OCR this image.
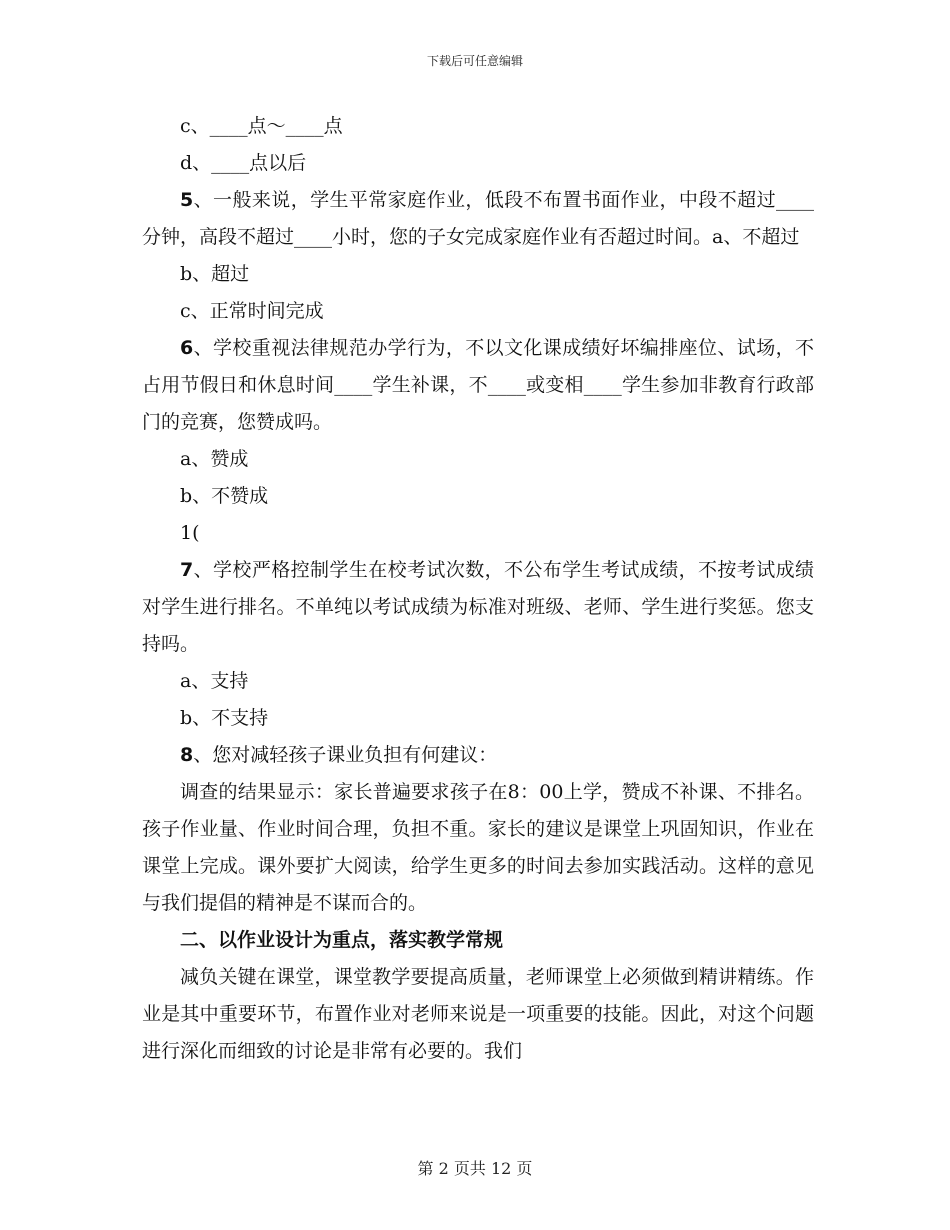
下载后可任意编辑

c、____点～____点

d、____点以后

5、一般来说，学生平常家庭作业，低段不布置书面作业，中段不超过____分钟，高段不超过____小时，您的子女完成家庭作业有否超过时间。a、不超过

b、超过

c、正常时间完成

6、学校重视法律规范办学行为，不以文化课成绩好坏编排座位、试场，不占用节假日和休息时间____学生补课，不____或变相____学生参加非教育行政部门的竞赛，您赞成吗。

a、赞成

b、不赞成

1(

7、学校严格控制学生在校考试次数，不公布学生考试成绩，不按考试成绩对学生进行排名。不单纯以考试成绩为标准对班级、老师、学生进行奖惩。您支持吗。

a、支持

b、不支持

8、您对减轻孩子课业负担有何建议：

调查的结果显示：家长普遍要求孩子在8：00上学，赞成不补课、不排名。孩子作业量、作业时间合理，负担不重。家长的建议是课堂上巩固知识，作业在课堂上完成。课外要扩大阅读，给学生更多的时间去参加实践活动。这样的意见与我们提倡的精神是不谋而合的。

二、以作业设计为重点，落实教学常规

减负关键在课堂，课堂教学要提高质量，老师课堂上必须做到精讲精练。作业是其中重要环节，布置作业对老师来说是一项重要的技能。因此，对这个问题进行深化而细致的讨论是非常有必要的。我们

第 2 页共 12 页
